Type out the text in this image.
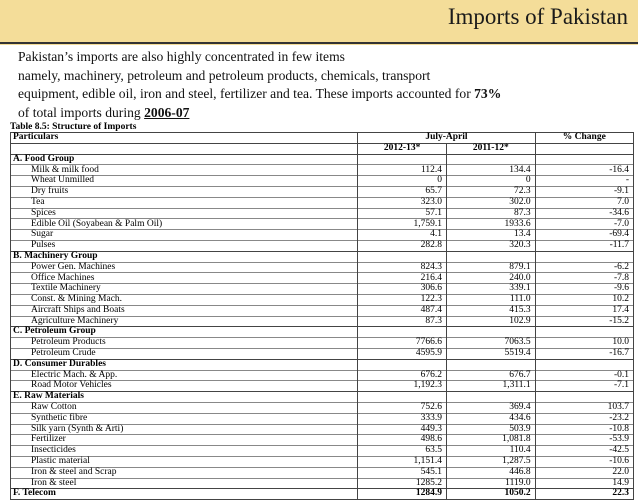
Imports of Pakistan
Pakistan’s imports are also highly concentrated in few items
namely, machinery, petroleum and petroleum products, chemicals, transport
equipment, edible oil, iron and steel, fertilizer and tea. These imports accounted for 73%
of total imports during 2006-07
Table 8.5: Structure of Imports
Particulars	July-April		% Change
	2012-13*	2011-12*	
A. Food Group			
Milk & milk food	112.4	134.4	-16.4
Wheat Unmilled	0	0	-
Dry fruits	65.7	72.3	-9.1
Tea	323.0	302.0	7.0
Spices	57.1	87.3	-34.6
Edible Oil (Soyabean & Palm Oil)	1,759.1	1933.6	-7.0
Sugar	4.1	13.4	-69.4
Pulses	282.8	320.3	-11.7
B. Machinery Group			
Power Gen. Machines	824.3	879.1	-6.2
Office Machines	216.4	240.0	-7.8
Textile Machinery	306.6	339.1	-9.6
Const. & Mining Mach.	122.3	111.0	10.2
Aircraft Ships and Boats	487.4	415.3	17.4
Agriculture Machinery	87.3	102.9	-15.2
C. Petroleum Group			
Petroleum Products	7766.6	7063.5	10.0
Petroleum Crude	4595.9	5519.4	-16.7
D. Consumer Durables			
Electric Mach. & App.	676.2	676.7	-0.1
Road Motor Vehicles	1,192.3	1,311.1	-7.1
E. Raw Materials			
Raw Cotton	752.6	369.4	103.7
Synthetic fibre	333.9	434.6	-23.2
Silk yarn (Synth & Arti)	449.3	503.9	-10.8
Fertilizer	498.6	1,081.8	-53.9
Insecticides	63.5	110.4	-42.5
Plastic material	1,151.4	1,287.5	-10.6
Iron & steel and Scrap	545.1	446.8	22.0
Iron & steel	1285.2	1119.0	14.9
F. Telecom	1284.9	1050.2	22.3
